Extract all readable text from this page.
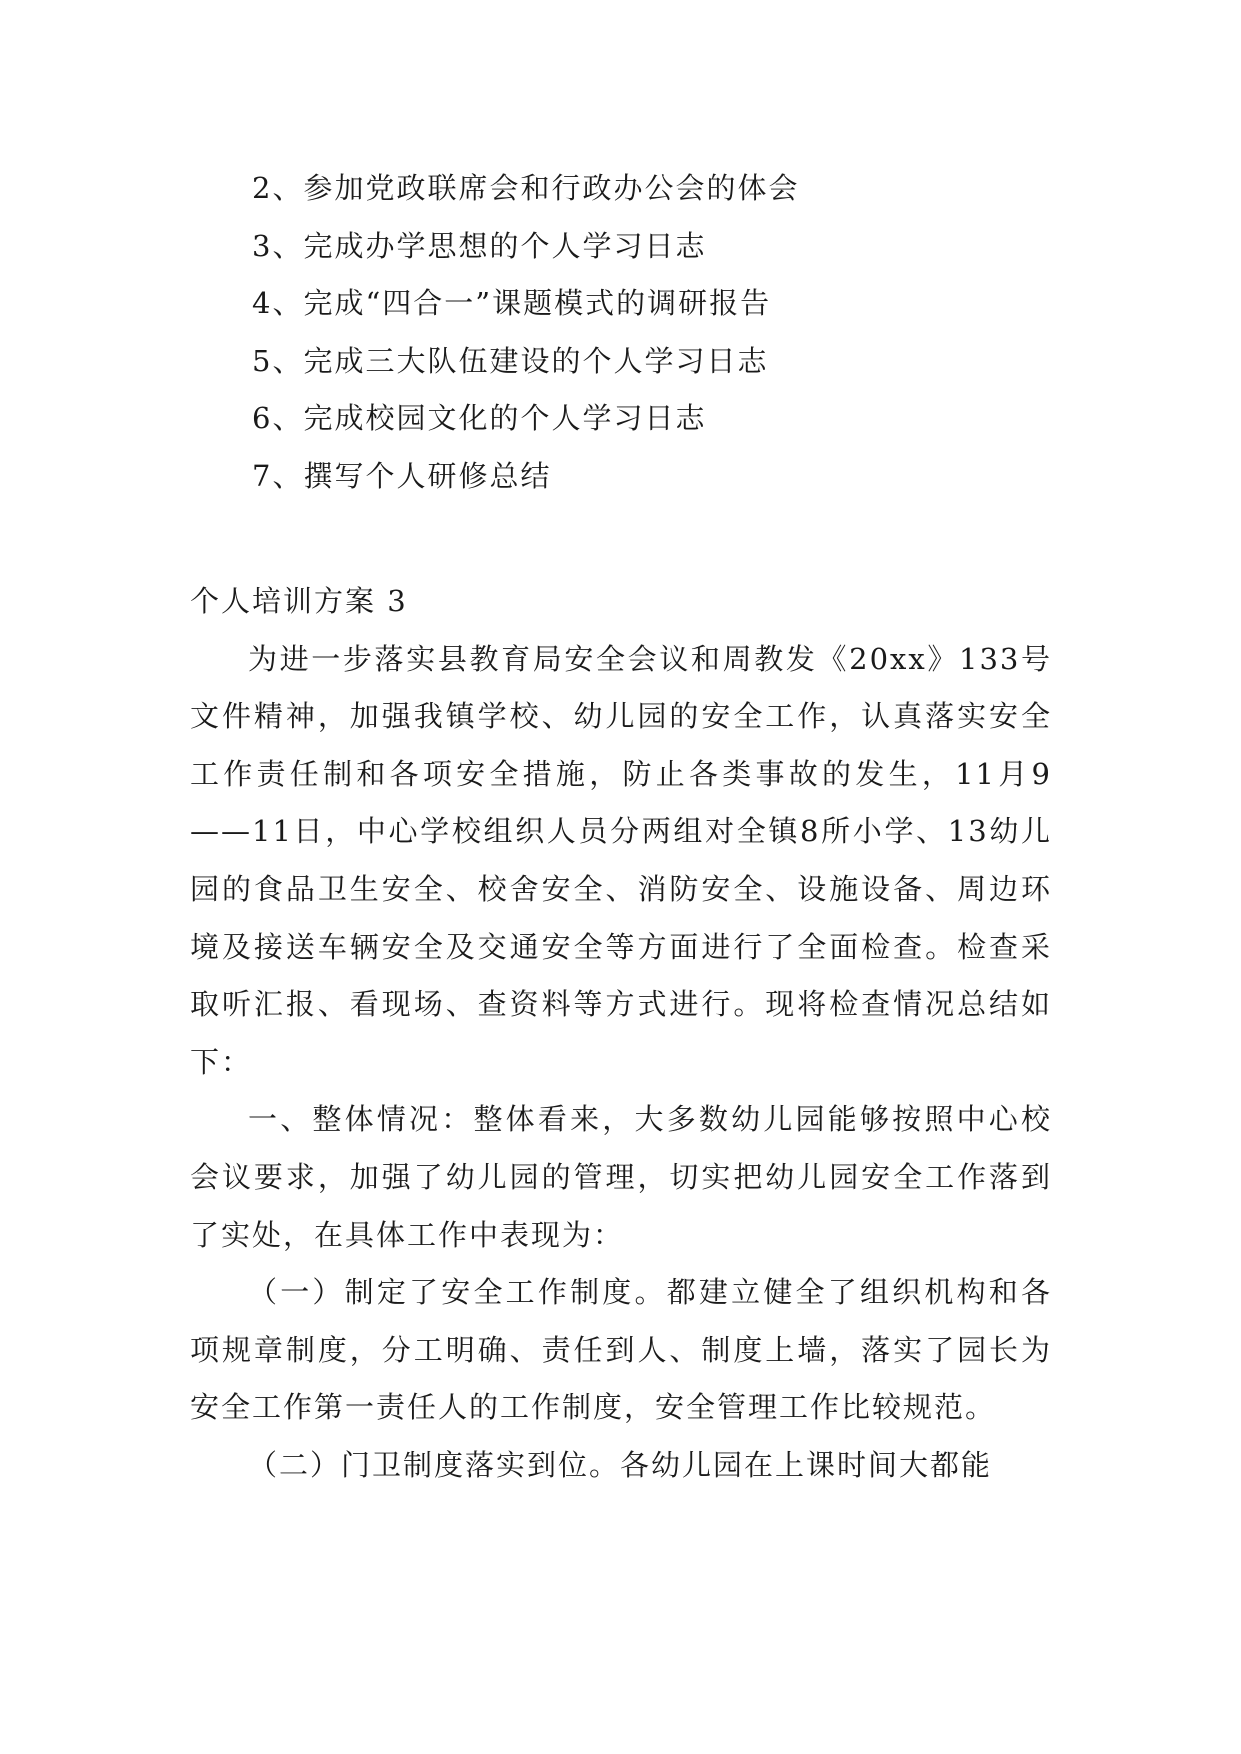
2、参加党政联席会和行政办公会的体会
3、完成办学思想的个人学习日志
4、完成“四合一”课题模式的调研报告
5、完成三大队伍建设的个人学习日志
6、完成校园文化的个人学习日志
7、撰写个人研修总结
个人培训方案 3

为进一步落实县教育局安全会议和周教发《20xx》133号文件精神，加强我镇学校、幼儿园的安全工作，认真落实安全工作责任制和各项安全措施，防止各类事故的发生，11月9——11日，中心学校组织人员分两组对全镇8所小学、13幼儿园的食品卫生安全、校舍安全、消防安全、设施设备、周边环境及接送车辆安全及交通安全等方面进行了全面检查。检查采取听汇报、看现场、查资料等方式进行。现将检查情况总结如下：

一、整体情况：整体看来，大多数幼儿园能够按照中心校会议要求，加强了幼儿园的管理，切实把幼儿园安全工作落到了实处，在具体工作中表现为：

（一）制定了安全工作制度。都建立健全了组织机构和各项规章制度，分工明确、责任到人、制度上墙，落实了园长为安全工作第一责任人的工作制度，安全管理工作比较规范。

（二）门卫制度落实到位。各幼儿园在上课时间大都能
